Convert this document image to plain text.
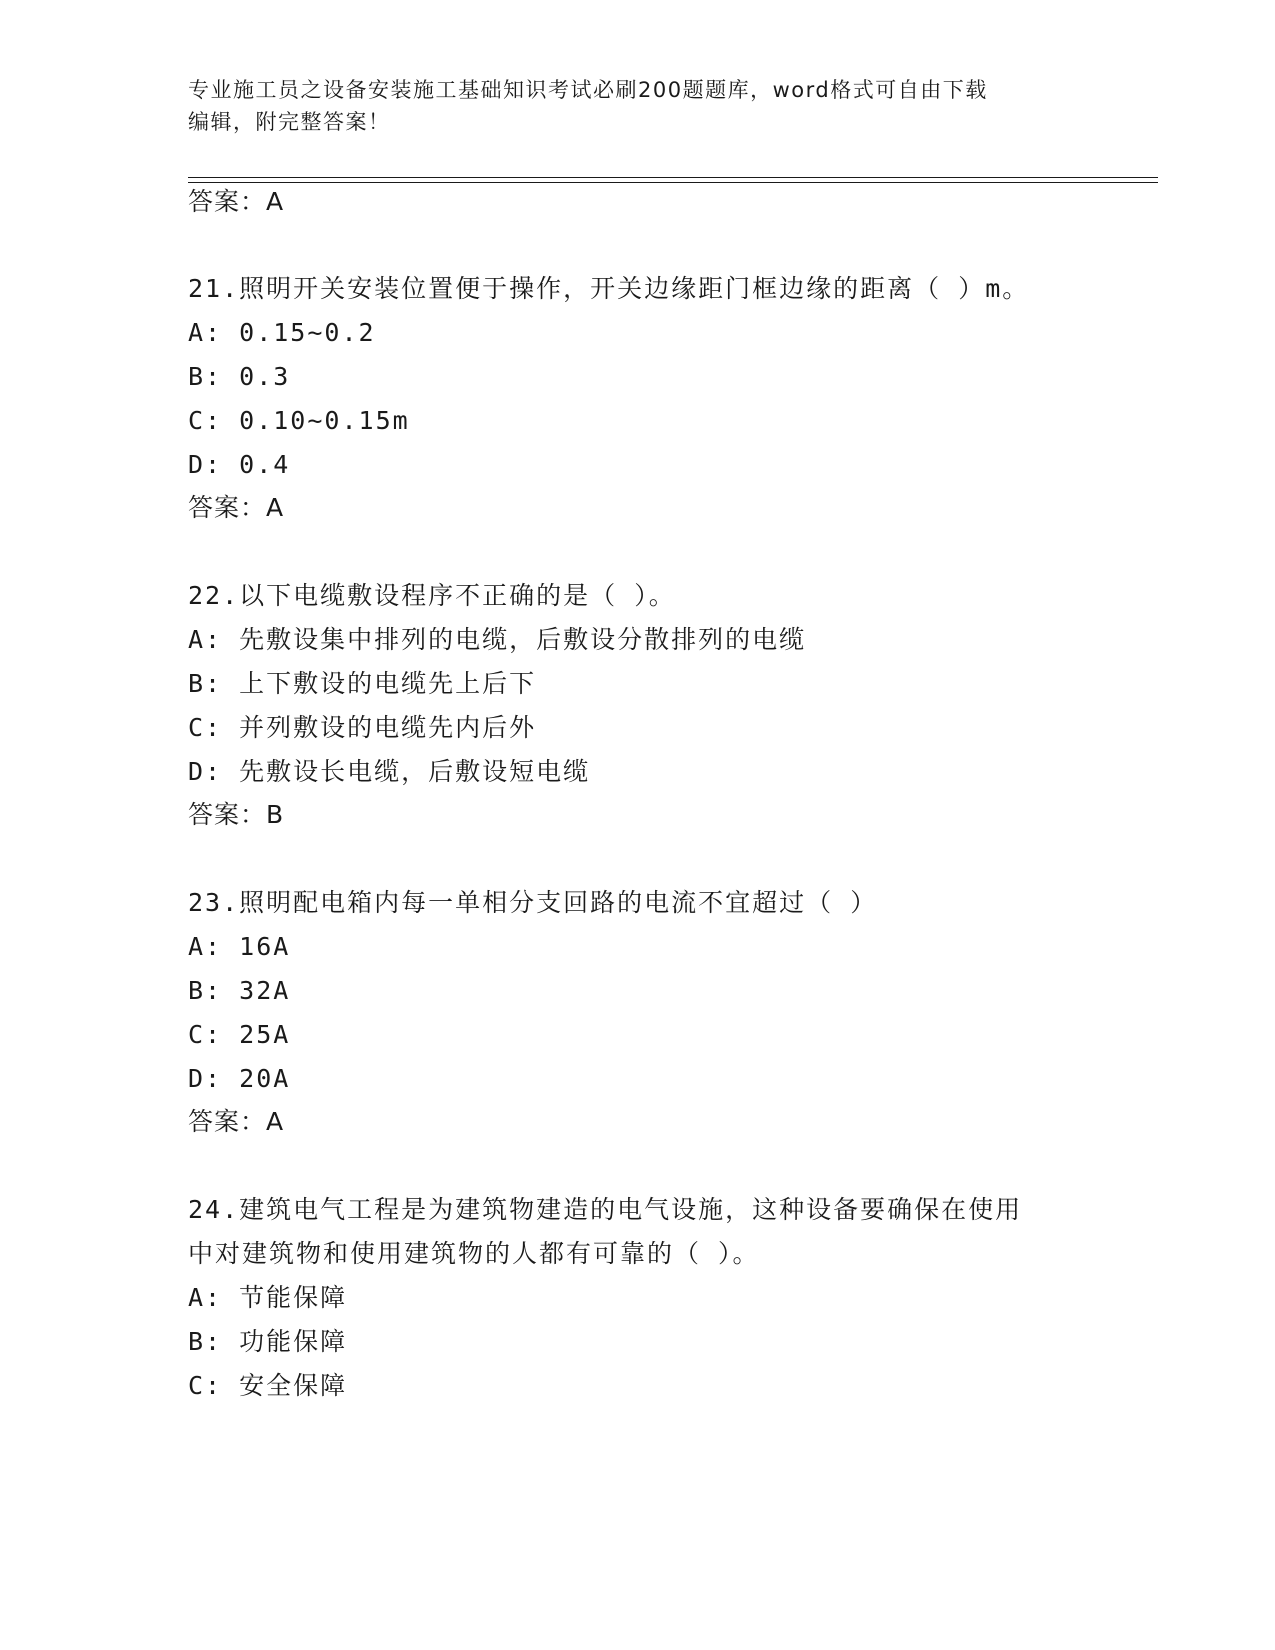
专业施工员之设备安装施工基础知识考试必刷200题题库，word格式可自由下载
编辑，附完整答案！
答案：A
21.照明开关安装位置便于操作，开关边缘距门框边缘的距离（ ）m。
A: 0.15~0.2
B: 0.3
C: 0.10~0.15m
D: 0.4
答案：A
22.以下电缆敷设程序不正确的是（ ）。
A: 先敷设集中排列的电缆，后敷设分散排列的电缆
B: 上下敷设的电缆先上后下
C: 并列敷设的电缆先内后外
D: 先敷设长电缆，后敷设短电缆
答案：B
23.照明配电箱内每一单相分支回路的电流不宜超过（ ）
A: 16A
B: 32A
C: 25A
D: 20A
答案：A
24.建筑电气工程是为建筑物建造的电气设施，这种设备要确保在使用
中对建筑物和使用建筑物的人都有可靠的（ ）。
A: 节能保障
B: 功能保障
C: 安全保障
